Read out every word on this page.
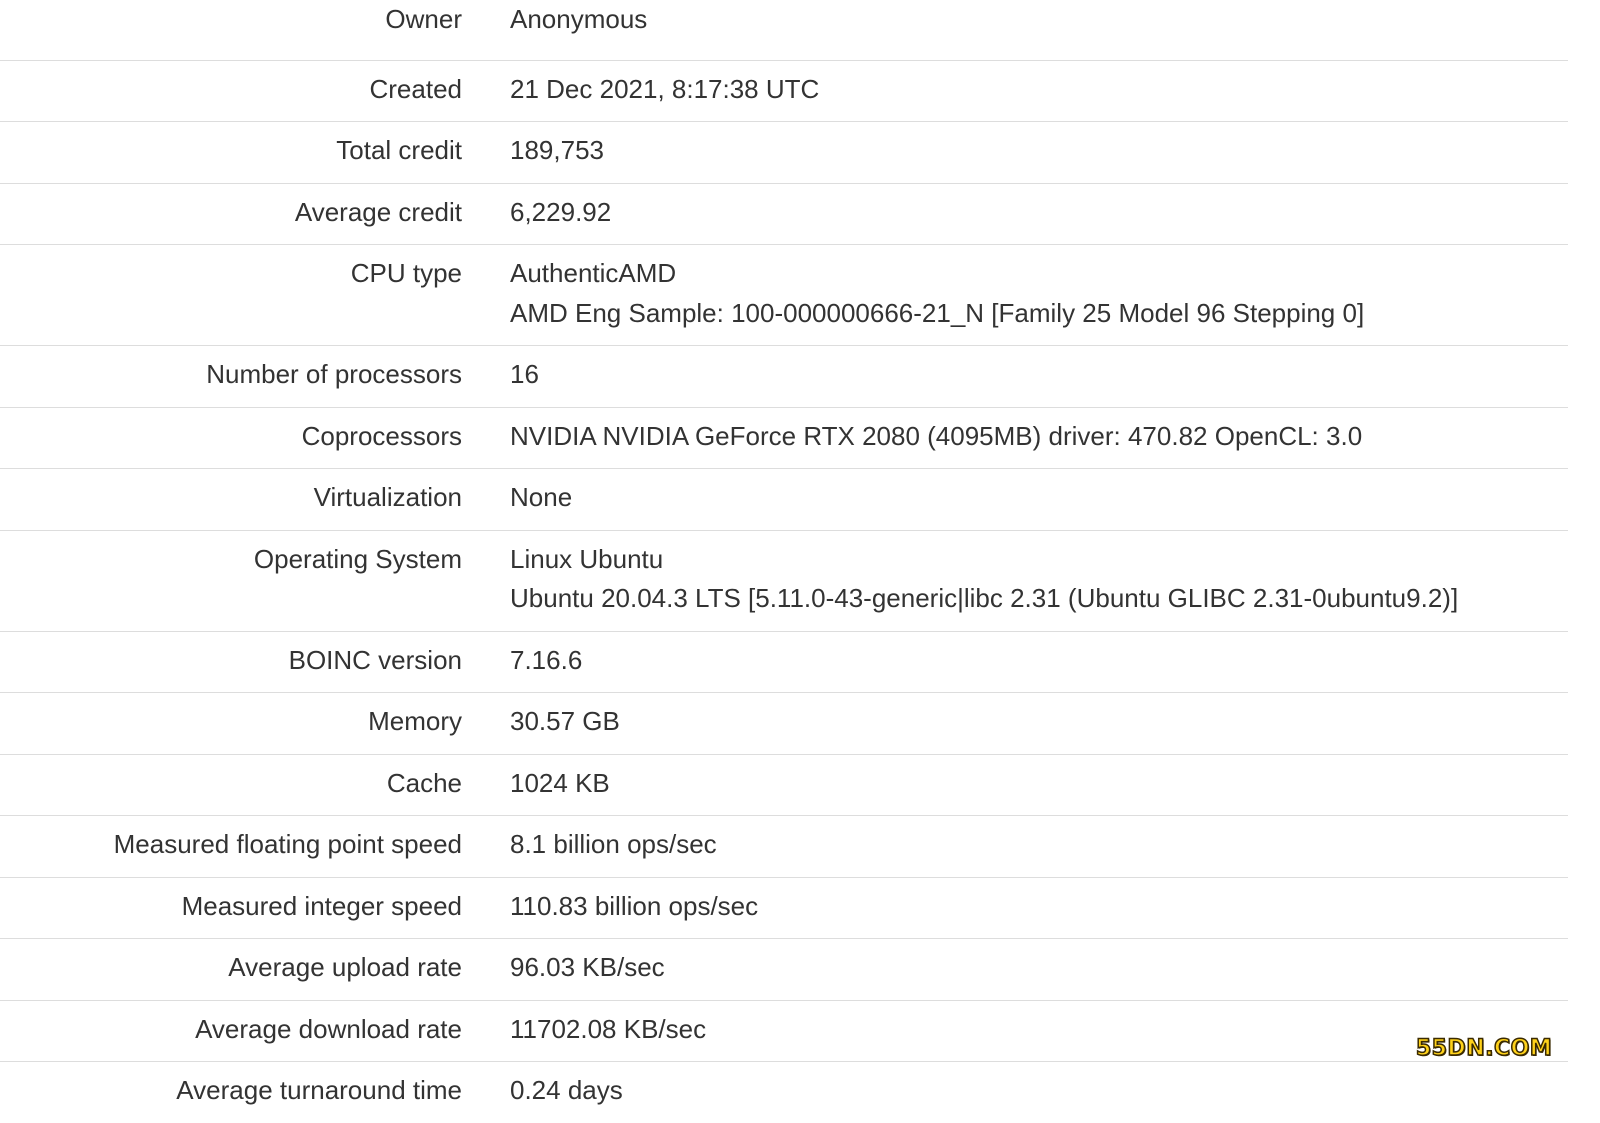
Owner	Anonymous

Created	21 Dec 2021, 8:17:38 UTC

Total credit	189,753

Average credit	6,229.92

CPU type	AuthenticAMD
AMD Eng Sample: 100-000000666-21_N [Family 25 Model 96 Stepping 0]

Number of processors	16

Coprocessors	NVIDIA NVIDIA GeForce RTX 2080 (4095MB) driver: 470.82 OpenCL: 3.0

Virtualization	None

Operating System	Linux Ubuntu
Ubuntu 20.04.3 LTS [5.11.0-43-generic|libc 2.31 (Ubuntu GLIBC 2.31-0ubuntu9.2)]

BOINC version	7.16.6

Memory	30.57 GB

Cache	1024 KB

Measured floating point speed	8.1 billion ops/sec

Measured integer speed	110.83 billion ops/sec

Average upload rate	96.03 KB/sec

Average download rate	11702.08 KB/sec

Average turnaround time	0.24 days
55DN.COM
